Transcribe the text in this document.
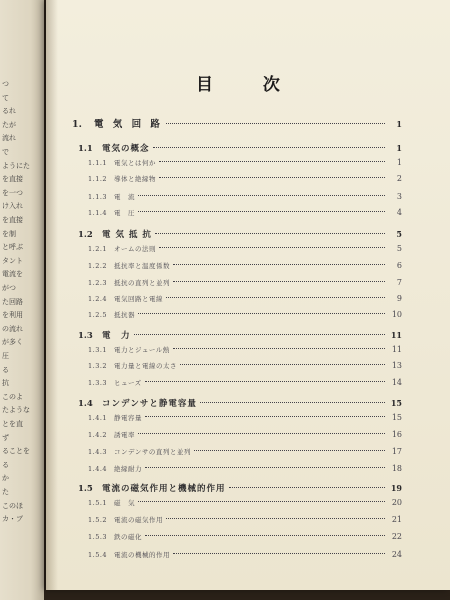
つ
て
るれ
たが
流れ
で
ようにた
を直接
を一つ
け入れ
を直接
を制
と呼ぶ
タント
電流を
がつ
た回路
を利用
の流れ
が多く
圧
る
抗
このよ
たような
とを直
ず
ることを
る
か
た
このほ
カ・ブ
目 次
1.	電 気 回 路	1
1.1	電気の概念	1
1.1.1	電気とは何か	1
1.1.2	導体と絶縁物	2
1.1.3	電　流	3
1.1.4	電　圧	4
1.2	電 気 抵 抗	5
1.2.1	オームの法則	5
1.2.2	抵抗率と温度係数	6
1.2.3	抵抗の直列と並列	7
1.2.4	電気回路と電線	9
1.2.5	抵抗器	10
1.3	電　力	11
1.3.1	電力とジュール熱	11
1.3.2	電力量と電線の太さ	13
1.3.3	ヒューズ	14
1.4	コンデンサと静電容量	15
1.4.1	静電容量	15
1.4.2	誘電率	16
1.4.3	コンデンサの直列と並列	17
1.4.4	絶縁耐力	18
1.5	電流の磁気作用と機械的作用	19
1.5.1	磁　気	20
1.5.2	電流の磁気作用	21
1.5.3	鉄の磁化	22
1.5.4	電流の機械的作用	24
